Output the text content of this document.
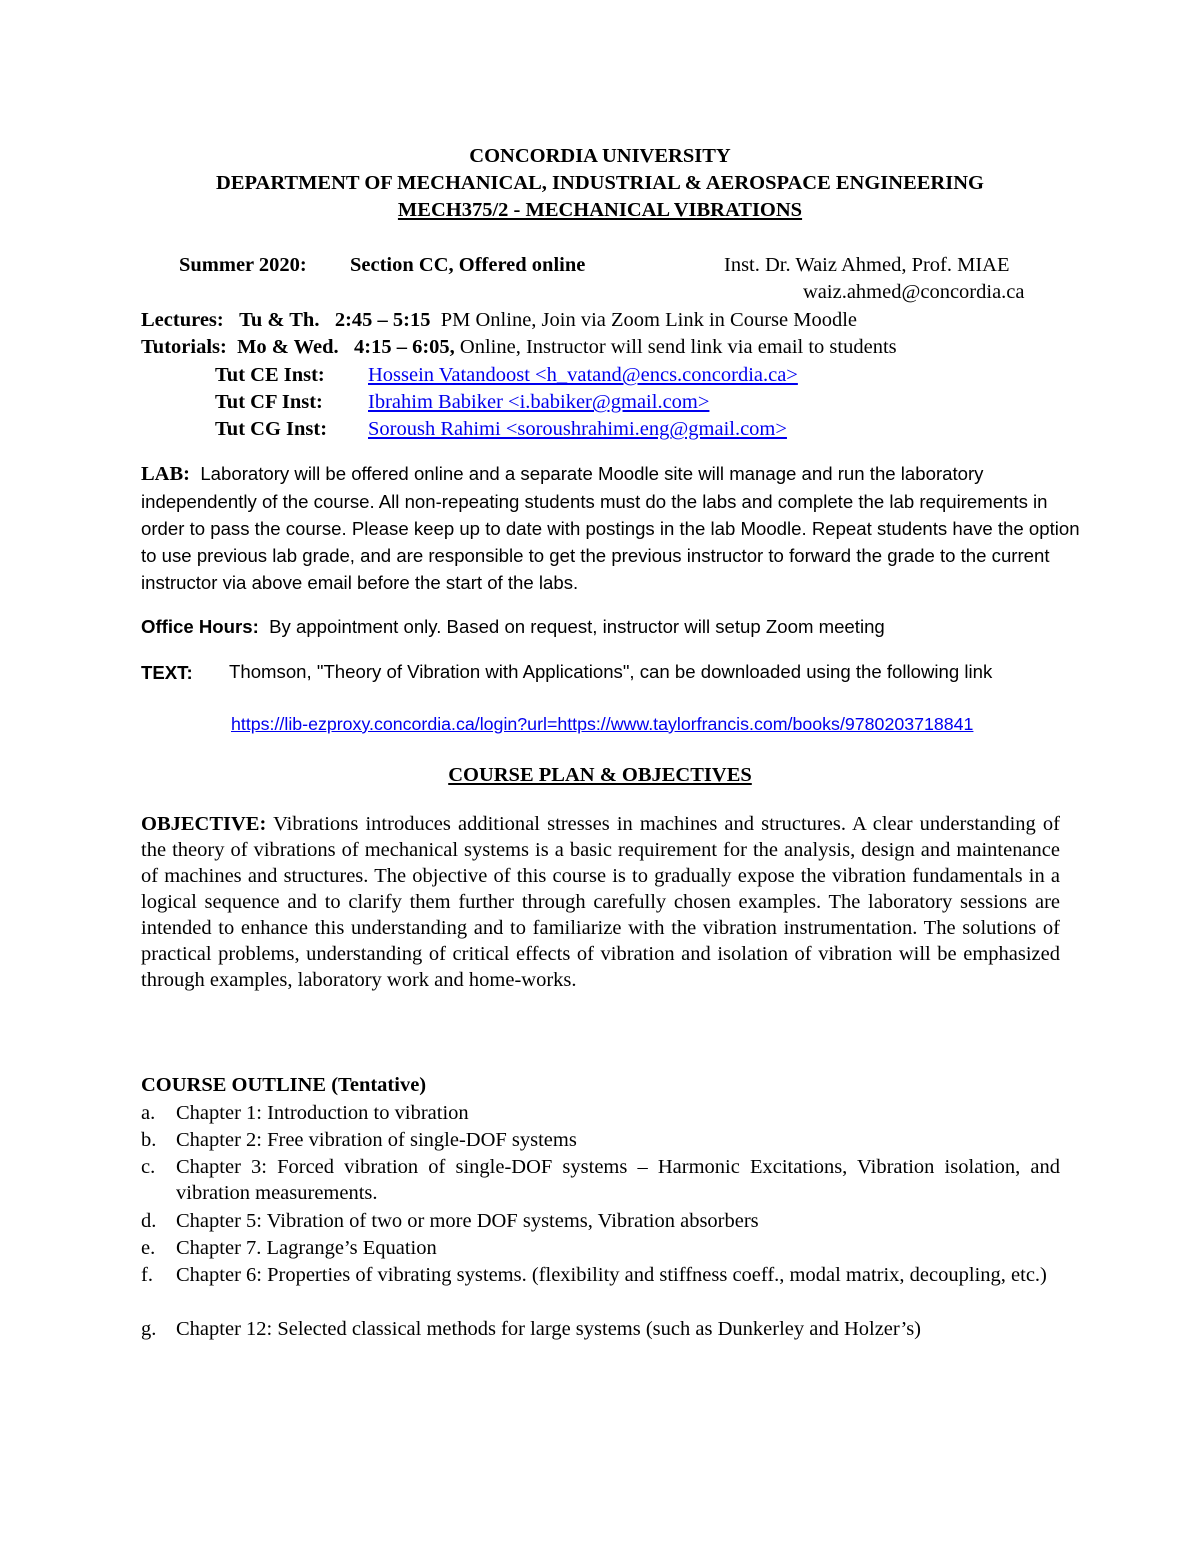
CONCORDIA UNIVERSITY
DEPARTMENT OF MECHANICAL, INDUSTRIAL & AEROSPACE ENGINEERING
MECH375/2 - MECHANICAL VIBRATIONS
Summer 2020: Section CC, Offered online	Inst. Dr. Waiz Ahmed, Prof. MIAE
waiz.ahmed@concordia.ca
Lectures: Tu & Th. 2:45 – 5:15 PM Online, Join via Zoom Link in Course Moodle
Tutorials: Mo & Wed. 4:15 – 6:05, Online, Instructor will send link via email to students
Tut CE Inst: Hossein Vatandoost <h_vatand@encs.concordia.ca>
Tut CF Inst: Ibrahim Babiker <i.babiker@gmail.com>
Tut CG Inst: Soroush Rahimi <soroushrahimi.eng@gmail.com>
LAB: Laboratory will be offered online and a separate Moodle site will manage and run the laboratory independently of the course. All non-repeating students must do the labs and complete the lab requirements in order to pass the course. Please keep up to date with postings in the lab Moodle. Repeat students have the option to use previous lab grade, and are responsible to get the previous instructor to forward the grade to the current instructor via above email before the start of the labs.
Office Hours: By appointment only. Based on request, instructor will setup Zoom meeting
TEXT: Thomson, "Theory of Vibration with Applications", can be downloaded using the following link
https://lib-ezproxy.concordia.ca/login?url=https://www.taylorfrancis.com/books/9780203718841
COURSE PLAN & OBJECTIVES
OBJECTIVE: Vibrations introduces additional stresses in machines and structures. A clear understanding of the theory of vibrations of mechanical systems is a basic requirement for the analysis, design and maintenance of machines and structures. The objective of this course is to gradually expose the vibration fundamentals in a logical sequence and to clarify them further through carefully chosen examples. The laboratory sessions are intended to enhance this understanding and to familiarize with the vibration instrumentation. The solutions of practical problems, understanding of critical effects of vibration and isolation of vibration will be emphasized through examples, laboratory work and home-works.
COURSE OUTLINE (Tentative)
a. Chapter 1: Introduction to vibration
b. Chapter 2: Free vibration of single-DOF systems
c. Chapter 3: Forced vibration of single-DOF systems – Harmonic Excitations, Vibration isolation, and vibration measurements.
d. Chapter 5: Vibration of two or more DOF systems, Vibration absorbers
e. Chapter 7. Lagrange’s Equation
f. Chapter 6: Properties of vibrating systems. (flexibility and stiffness coeff., modal matrix, decoupling, etc.)
g. Chapter 12: Selected classical methods for large systems (such as Dunkerley and Holzer’s)
